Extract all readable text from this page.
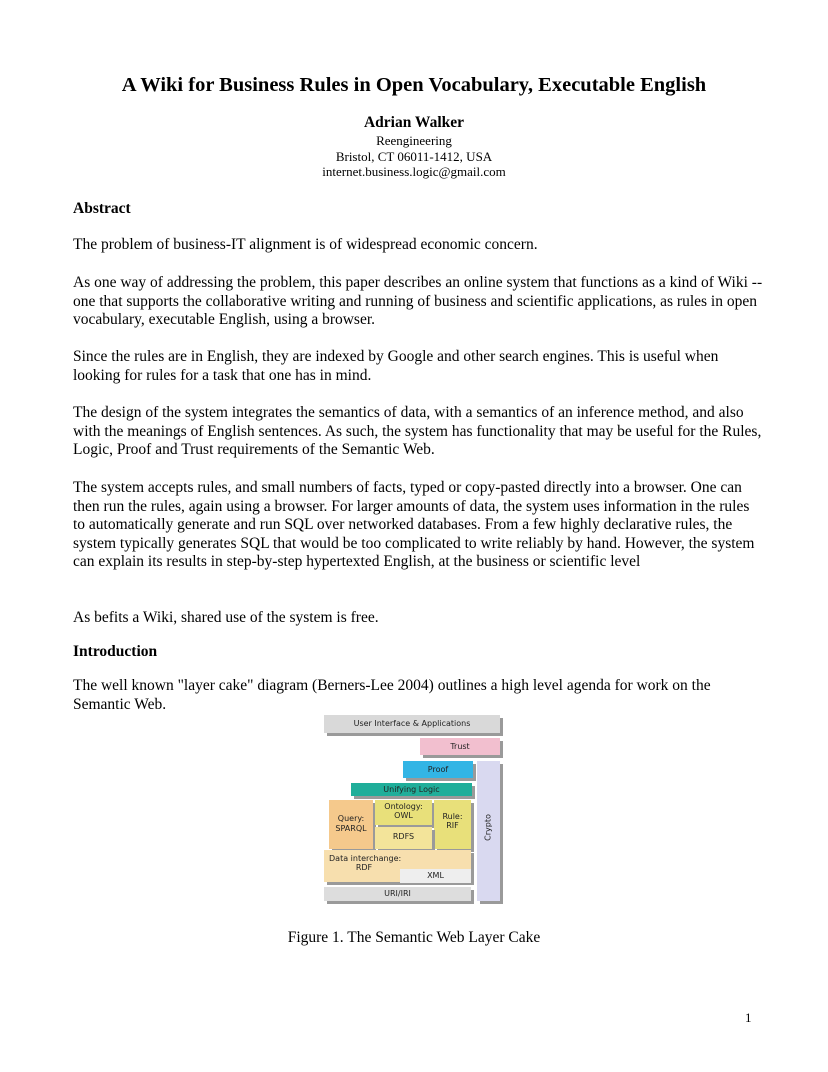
A Wiki for Business Rules in Open Vocabulary, Executable English
Adrian Walker
Reengineering
Bristol, CT 06011-1412, USA
internet.business.logic@gmail.com
Abstract

The problem of business-IT alignment is of widespread economic concern.

As one way of addressing the problem, this paper describes an online system that functions as a kind of Wiki -- one that supports the collaborative writing and running of business and scientific applications, as rules in open vocabulary, executable English, using a browser.

Since the rules are in English, they are indexed by Google and other search engines. This is useful when looking for rules for a task that one has in mind.

The design of the system integrates the semantics of data, with a semantics of an inference method, and also with the meanings of English sentences. As such, the system has functionality that may be useful for the Rules, Logic, Proof and Trust requirements of the Semantic Web.

The system accepts rules, and small numbers of facts, typed or copy-pasted directly into a browser. One can then run the rules, again using a browser. For larger amounts of data, the system uses information in the rules to automatically generate and run SQL over networked databases. From a few highly declarative rules, the system typically generates SQL that would be too complicated to write reliably by hand. However, the system can explain its results in step-by-step hypertexted English, at the business or scientific level

As befits a Wiki, shared use of the system is free.

Introduction

The well known "layer cake" diagram (Berners-Lee 2004) outlines a high level agenda for work on the Semantic Web.

User Interface & Applications
Trust
Proof
Unifying Logic
Crypto
Query:
SPARQL
Ontology:
OWL	Rule:
RIF
RDFS
Data interchange:
RDF
XML
URI/IRI
Figure 1. The Semantic Web Layer Cake
1
